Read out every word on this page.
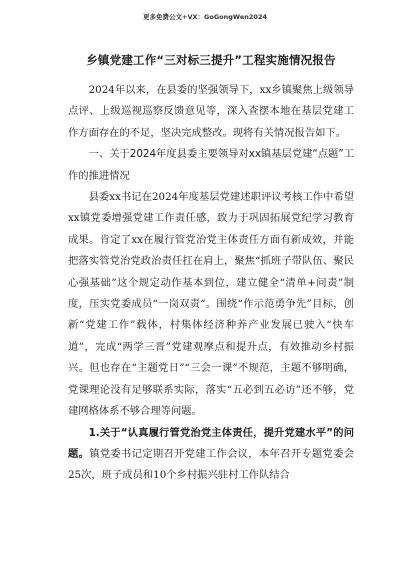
更多免费公文+VX：GoGongWen2024
乡镇党建工作“三对标三提升”工程实施情况报告

2024年以来，在县委的坚强领导下，xx乡镇聚焦上级领导点评、上级巡视巡察反馈意见等，深入查摆本地在基层党建工作方面存在的不足，坚决完成整改。现将有关情况报告如下。

一、关于2024年度县委主要领导对xx镇基层党建“点题”工作的推进情况

县委xx书记在2024年度基层党建述职评议考核工作中希望xx镇党委增强党建工作责任感，致力于巩固拓展党纪学习教育成果。肯定了xx在履行管党治党主体责任方面有新成效，并能把落实管党治党政治责任扛在肩上，聚焦“抓班子带队伍、聚民心强基础”这个规定动作基本到位，建立健全“清单+问责”制度，压实党委成员“一岗双责”。围绕“作示范勇争先”目标，创新“党建工作”载体，村集体经济种养产业发展已驶入“快车道”，完成“两学三晋”党建观摩点和提升点，有效推动乡村振兴。但也存在“主题党日”“三会一课”不规范，主题不够明确，党课理论没有足够联系实际，落实“五必到五必访”还不够，党建网格体系不够合理等问题。

1.关于“认真履行管党治党主体责任，提升党建水平”的问题。镇党委书记定期召开党建工作会议，本年召开专题党委会25次，班子成员和10个乡村振兴驻村工作队结合
